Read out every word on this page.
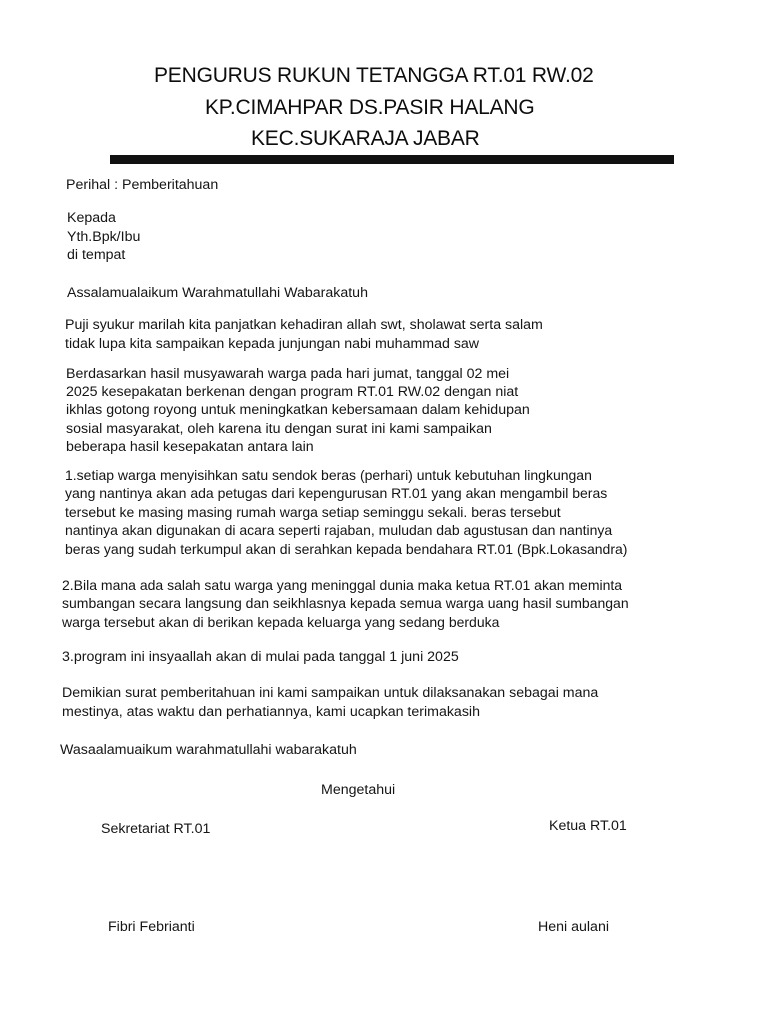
PENGURUS RUKUN TETANGGA RT.01 RW.02
KP.CIMAHPAR DS.PASIR HALANG
KEC.SUKARAJA JABAR
Perihal : Pemberitahuan
Kepada
Yth.Bpk/Ibu
di tempat
Assalamualaikum Warahmatullahi Wabarakatuh
Puji syukur marilah kita panjatkan kehadiran allah swt, sholawat serta salam
tidak lupa kita sampaikan kepada junjungan nabi muhammad saw
Berdasarkan hasil musyawarah warga pada hari jumat, tanggal 02 mei
2025 kesepakatan berkenan dengan program RT.01 RW.02 dengan niat
ikhlas gotong royong untuk meningkatkan kebersamaan dalam kehidupan
sosial masyarakat, oleh karena itu dengan surat ini kami sampaikan
beberapa hasil kesepakatan antara lain
1.setiap warga menyisihkan satu sendok beras (perhari) untuk kebutuhan lingkungan
yang nantinya akan ada petugas dari kepengurusan RT.01 yang akan mengambil beras
tersebut ke masing masing rumah warga setiap seminggu sekali. beras tersebut
nantinya akan digunakan di acara seperti rajaban, muludan dab agustusan dan nantinya
beras yang sudah terkumpul akan di serahkan kepada bendahara RT.01 (Bpk.Lokasandra)
2.Bila mana ada salah satu warga yang meninggal dunia maka ketua RT.01 akan meminta
sumbangan secara langsung dan seikhlasnya kepada semua warga uang hasil sumbangan
warga tersebut akan di berikan kepada keluarga yang sedang berduka
3.program ini insyaallah akan di mulai pada tanggal 1 juni 2025
Demikian surat pemberitahuan ini kami sampaikan untuk dilaksanakan sebagai mana
mestinya, atas waktu dan perhatiannya, kami ucapkan terimakasih
Wasaalamuaikum warahmatullahi wabarakatuh
Mengetahui
Sekretariat RT.01	Ketua RT.01
Fibri Febrianti	Heni aulani
